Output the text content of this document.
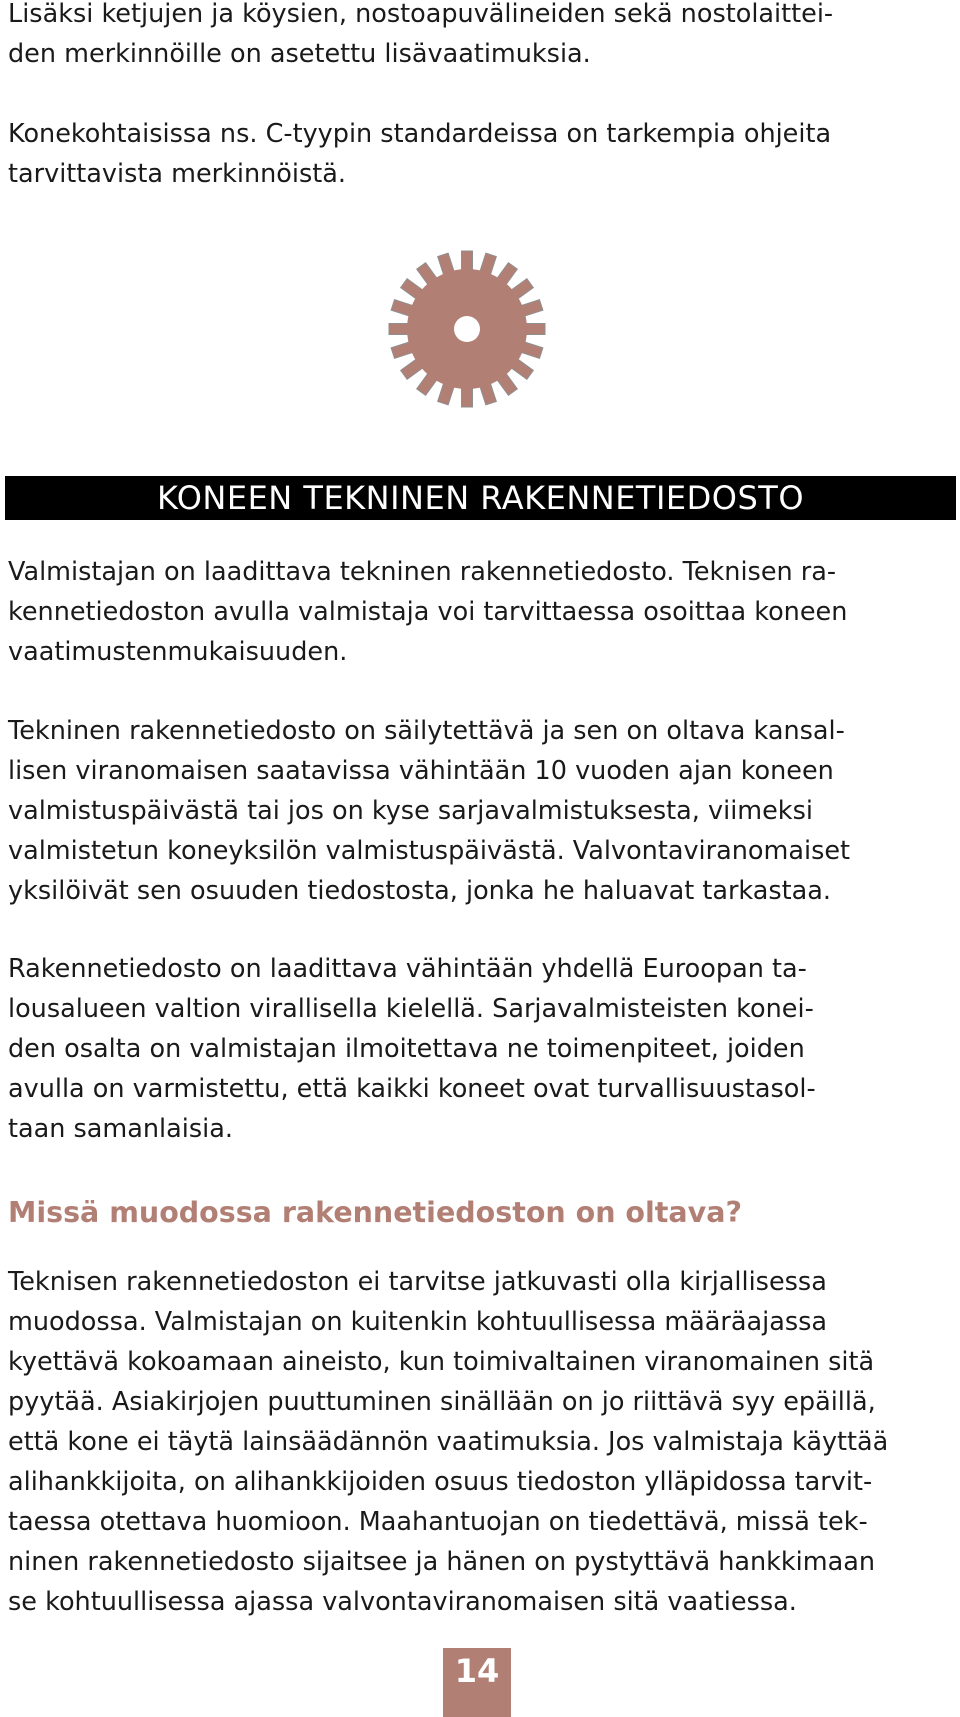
Lisäksi ketjujen ja köysien, nostoapuvälineiden sekä nostolaittei-
den merkinnöille on asetettu lisävaatimuksia.
Konekohtaisissa ns. C-tyypin standardeissa on tarkempia ohjeita
tarvittavista merkinnöistä.
KONEEN TEKNINEN RAKENNETIEDOSTO
Valmistajan on laadittava tekninen rakennetiedosto. Teknisen ra-
kennetiedoston avulla valmistaja voi tarvittaessa osoittaa koneen
vaatimustenmukaisuuden.
Tekninen rakennetiedosto on säilytettävä ja sen on oltava kansal-
lisen viranomaisen saatavissa vähintään 10 vuoden ajan koneen
valmistuspäivästä tai jos on kyse sarjavalmistuksesta, viimeksi
valmistetun koneyksilön valmistuspäivästä. Valvontaviranomaiset
yksilöivät sen osuuden tiedostosta, jonka he haluavat tarkastaa.
Rakennetiedosto on laadittava vähintään yhdellä Euroopan ta-
lousalueen valtion virallisella kielellä. Sarjavalmisteisten konei-
den osalta on valmistajan ilmoitettava ne toimenpiteet, joiden
avulla on varmistettu, että kaikki koneet ovat turvallisuustasol-
taan samanlaisia.
Missä muodossa rakennetiedoston on oltava?
Teknisen rakennetiedoston ei tarvitse jatkuvasti olla kirjallisessa
muodossa. Valmistajan on kuitenkin kohtuullisessa määräajassa
kyettävä kokoamaan aineisto, kun toimivaltainen viranomainen sitä
pyytää. Asiakirjojen puuttuminen sinällään on jo riittävä syy epäillä,
että kone ei täytä lainsäädännön vaatimuksia. Jos valmistaja käyttää
alihankkijoita, on alihankkijoiden osuus tiedoston ylläpidossa tarvit-
taessa otettava huomioon. Maahantuojan on tiedettävä, missä tek-
ninen rakennetiedosto sijaitsee ja hänen on pystyttävä hankkimaan
se kohtuullisessa ajassa valvontaviranomaisen sitä vaatiessa.
14
